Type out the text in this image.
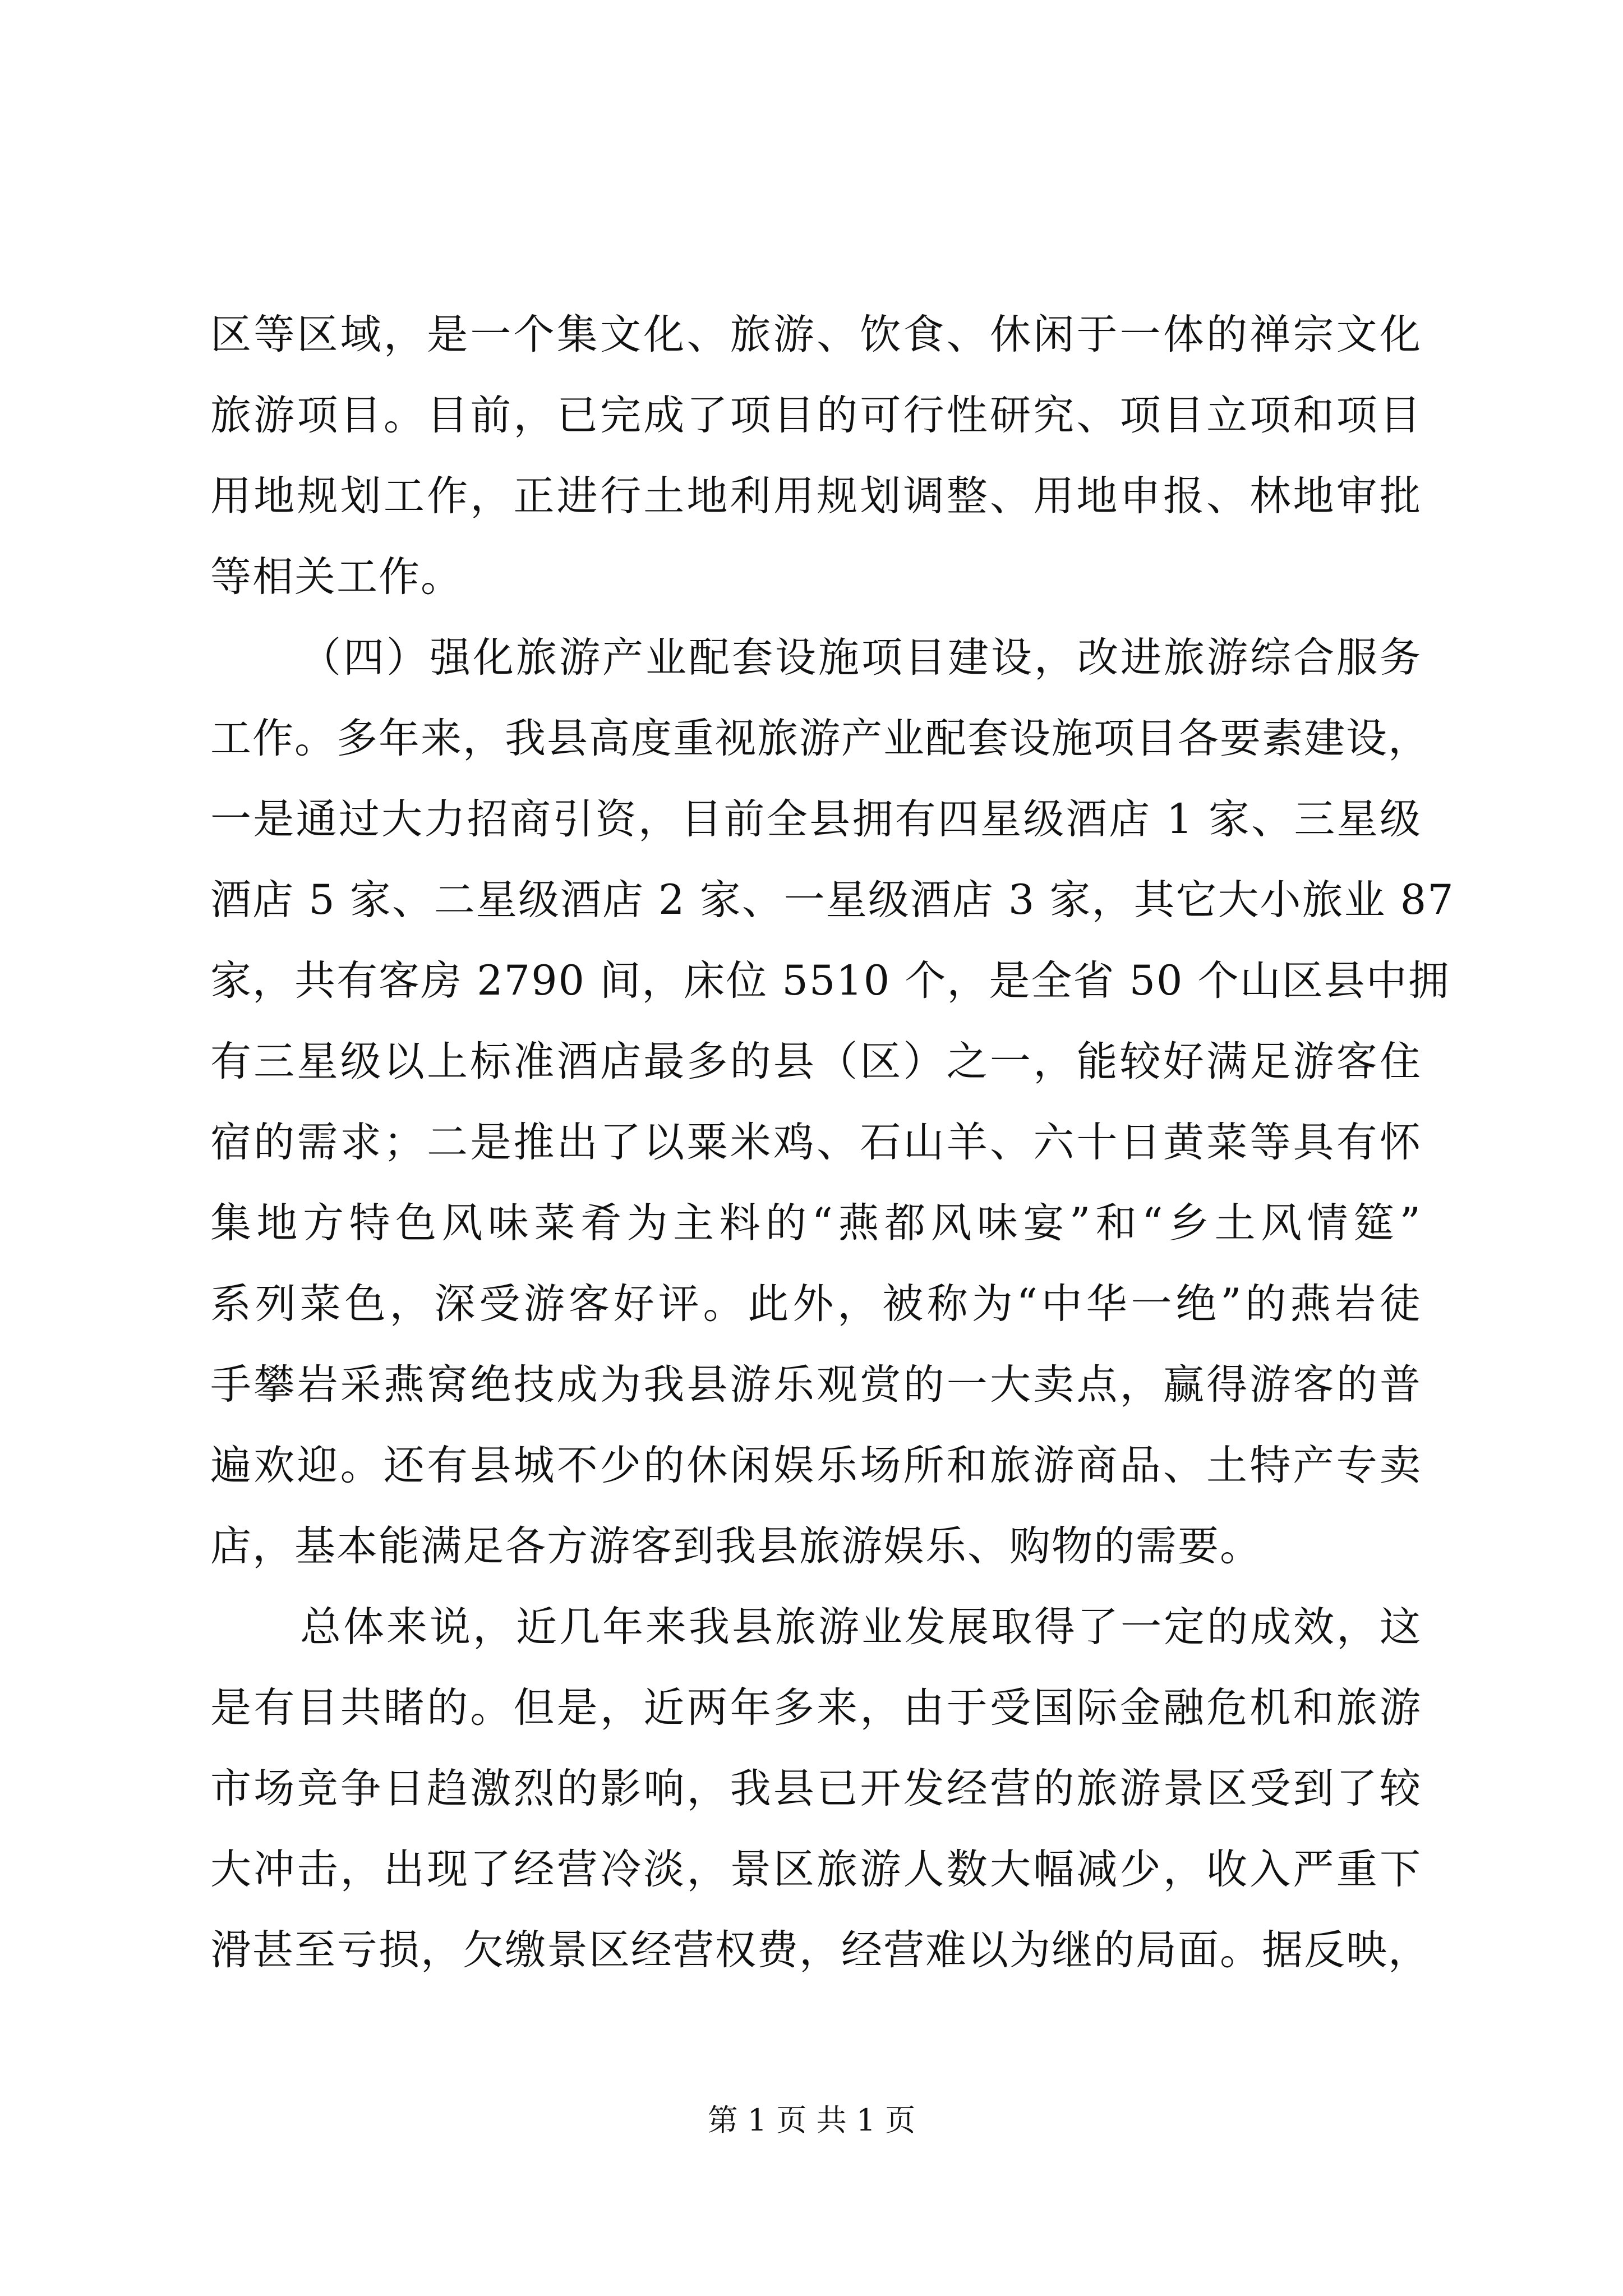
区等区域，是一个集文化、旅游、饮食、休闲于一体的禅宗文化
旅游项目。目前，已完成了项目的可行性研究、项目立项和项目
用地规划工作，正进行土地利用规划调整、用地申报、林地审批
等相关工作。
（四）强化旅游产业配套设施项目建设，改进旅游综合服务
工作。多年来，我县高度重视旅游产业配套设施项目各要素建设，
一是通过大力招商引资，目前全县拥有四星级酒店 1 家、三星级
酒店 5 家、二星级酒店 2 家、一星级酒店 3 家，其它大小旅业 87
家，共有客房 2790 间，床位 5510 个，是全省 50 个山区县中拥
有三星级以上标准酒店最多的县（区）之一，能较好满足游客住
宿的需求；二是推出了以粟米鸡、石山羊、六十日黄菜等具有怀
集地方特色风味菜肴为主料的“燕都风味宴”和“乡土风情筵”
系列菜色，深受游客好评。此外，被称为“中华一绝”的燕岩徒
手攀岩采燕窝绝技成为我县游乐观赏的一大卖点，赢得游客的普
遍欢迎。还有县城不少的休闲娱乐场所和旅游商品、土特产专卖
店，基本能满足各方游客到我县旅游娱乐、购物的需要。
总体来说，近几年来我县旅游业发展取得了一定的成效，这
是有目共睹的。但是，近两年多来，由于受国际金融危机和旅游
市场竞争日趋激烈的影响，我县已开发经营的旅游景区受到了较
大冲击，出现了经营冷淡，景区旅游人数大幅减少，收入严重下
滑甚至亏损，欠缴景区经营权费，经营难以为继的局面。据反映，
第 1 页 共 1 页
